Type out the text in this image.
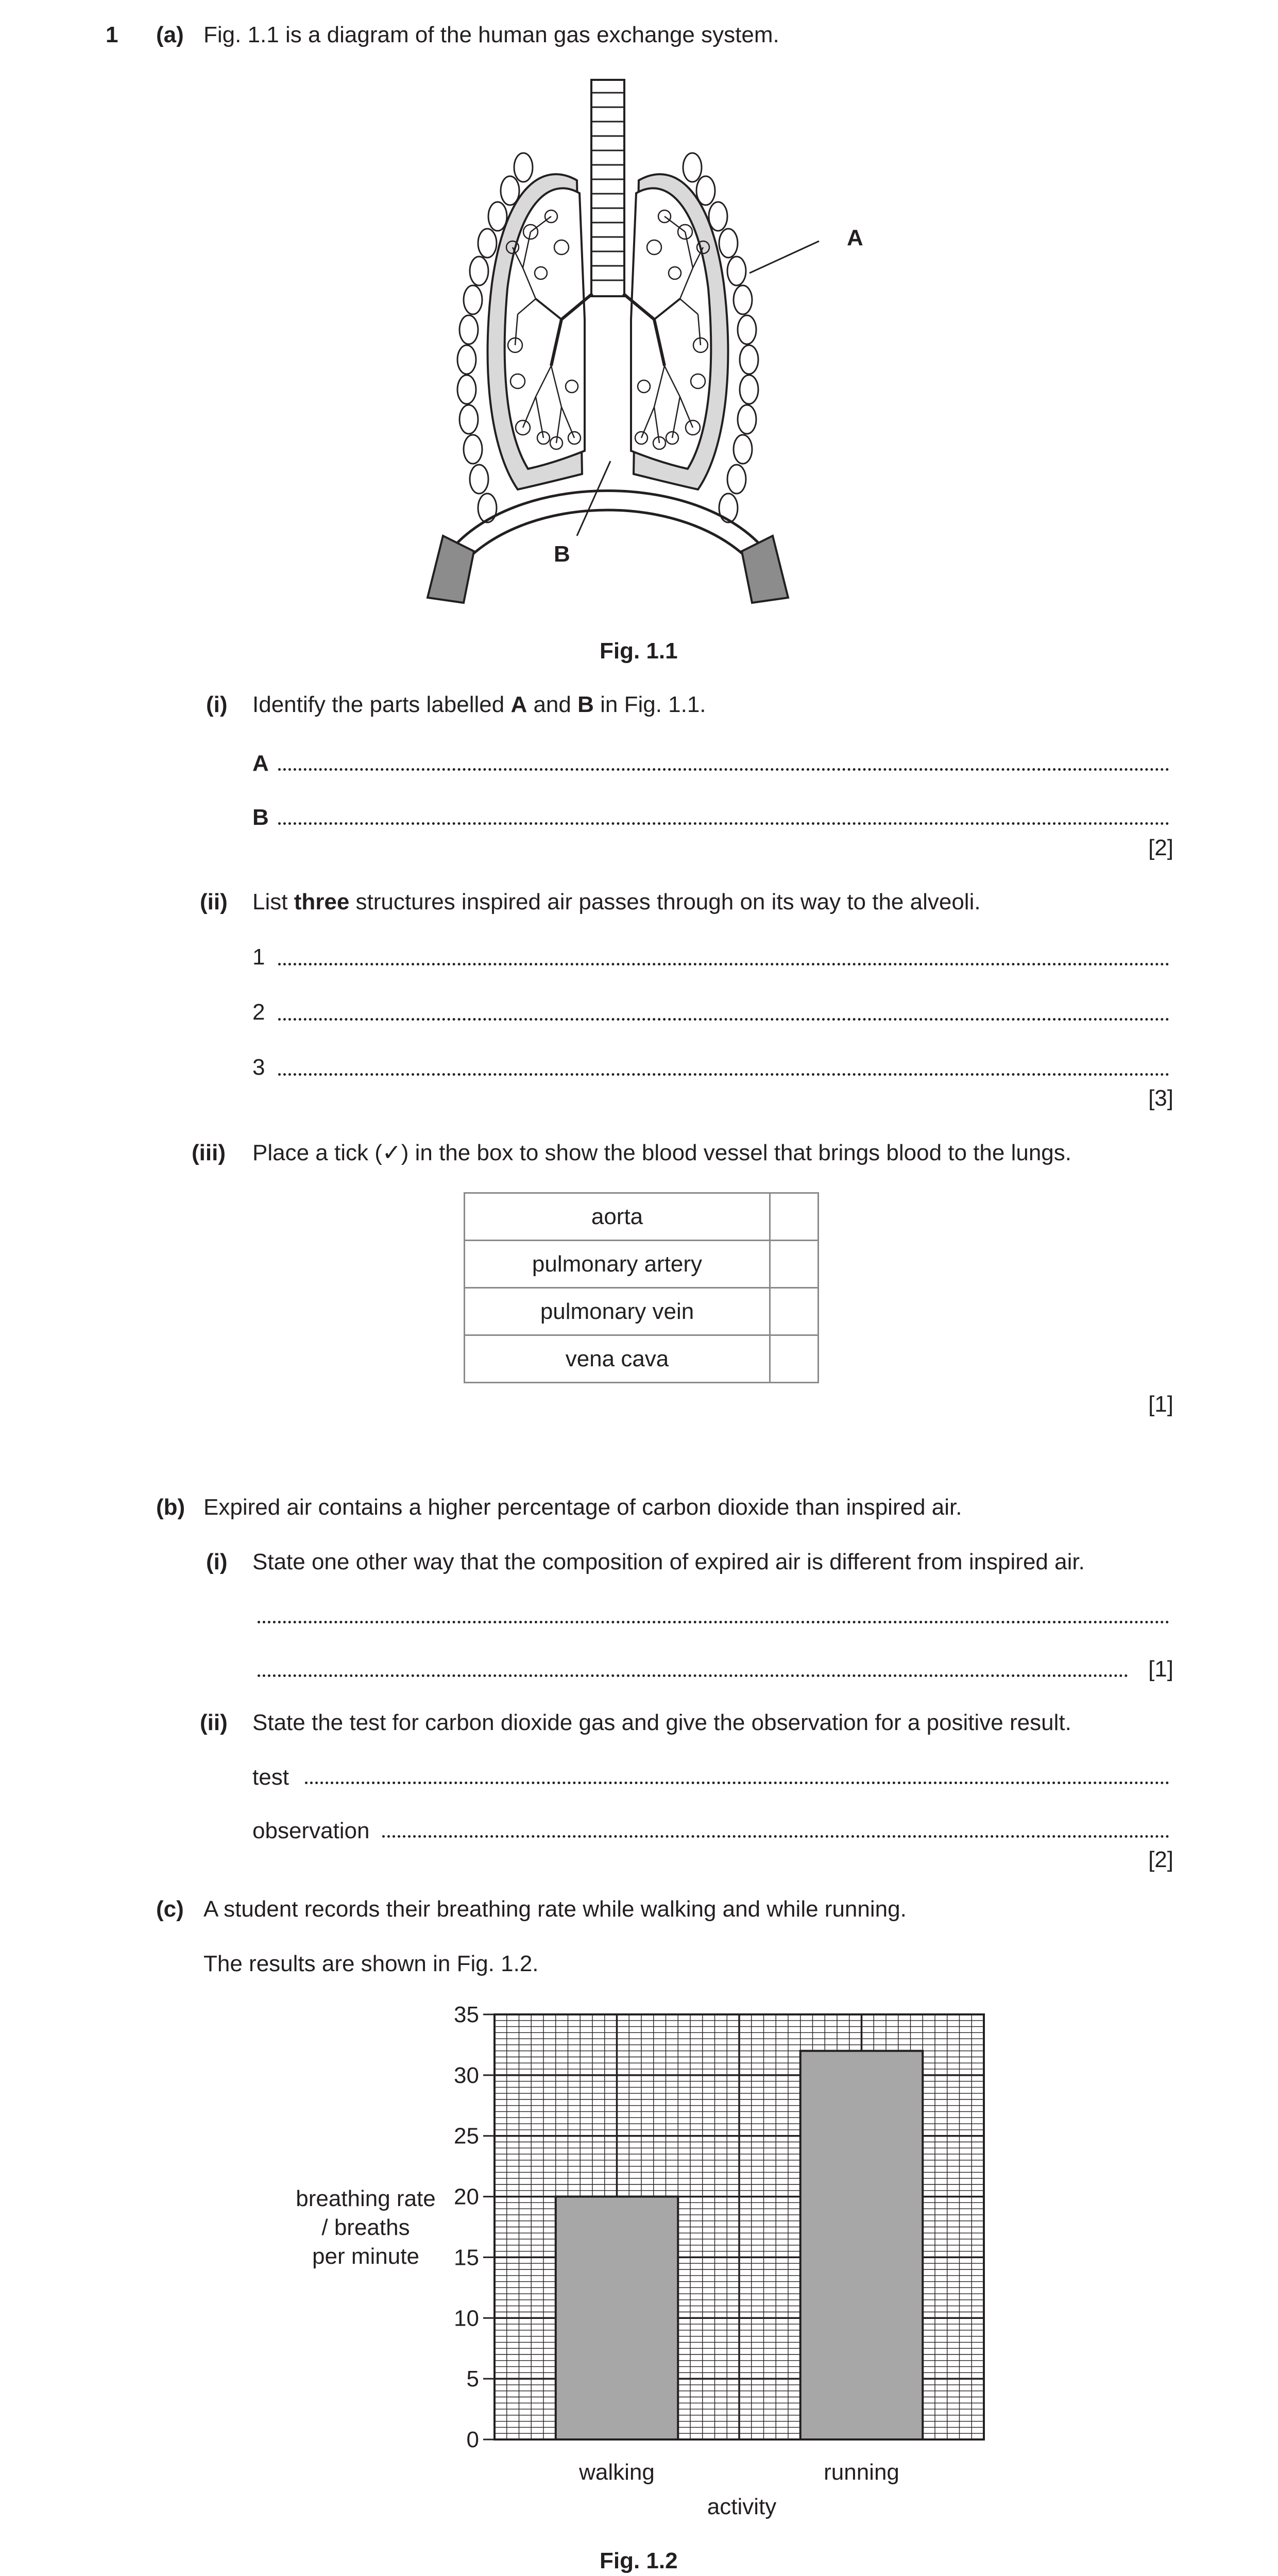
1 (a) Fig. 1.1 is a diagram of the human gas exchange system.
A
B
Fig. 1.1
(i) Identify the parts labelled A and B in Fig. 1.1.
A
B
[2]
(ii) List three structures inspired air passes through on its way to the alveoli.
1
2
3
[3]
(iii) Place a tick (✓) in the box to show the blood vessel that brings blood to the lungs.
aorta	
pulmonary artery	
pulmonary vein	
vena cava	
[1]
(b) Expired air contains a higher percentage of carbon dioxide than inspired air.
(i) State one other way that the composition of expired air is different from inspired air.
[1]
(ii) State the test for carbon dioxide gas and give the observation for a positive result.
test
observation
[2]
(c) A student records their breathing rate while walking and while running.
The results are shown in Fig. 1.2.
walking	running
0
5
10
15
20
25
30
35
activity
breathing rate
/ breaths
per minute
Fig. 1.2
